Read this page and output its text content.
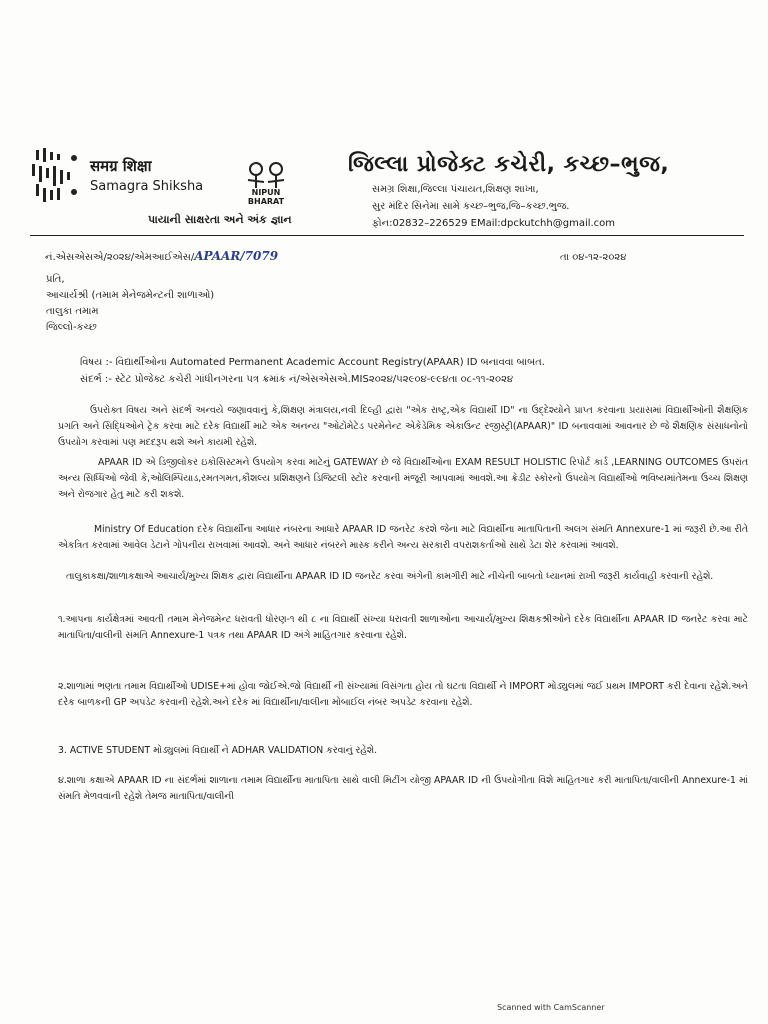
समग्र शिक्षा
Samagra Shiksha	NIPUN BHARAT
પાયાની સાક્ષરતા અને અંક જ્ઞાન
જિલ્લા પ્રોજેક્ટ કચેરી, કચ્છ–ભુજ,
સમગ્ર શિક્ષા,જિલ્લા પંચાયત,શિક્ષણ શાખા,
સુર મંદિર સિનેમા સામે કચ્છ–ભુજ,જિ–કચ્છ.ભુજ.
ફોન:02832–226529 EMail:dpckutchh@gmail.com
નં.એસએસએ/૨૦૨૪/એમઆઈએસ/APAAR/7079	તા ૦૪-૧૨-૨૦૨૪
પ્રતિ,
આચાર્યશ્રી (તમામ મેનેજમેન્ટની શાળાઓ)
તાલુકા તમામ
જિલ્લો-કચ્છ
વિષય :- વિદ્યાર્થીઓના Automated Permanent Academic Account Registry(APAAR) ID બનાવવા બાબત.
સંદર્ભ :- સ્ટેટ પ્રોજેક્ટ કચેરી ગાંધીનગરના પત્ર ક્રમાંક નં/એસએસએ.MIS૨૦૨૪/૫૨૯૦૪-૯૯૪તા ૦૮-૧૧-૨૦૨૪
ઉપરોક્ત વિષય અને સંદર્ભ અન્વયે જણાવવાનું કે,શિક્ષણ મંત્રાલય,નવી દિલ્હી દ્વારા "એક રાષ્ટ્ર,એક વિદ્યાર્થી ID" ના ઉદ્દેશ્યોને પ્રાપ્ત કરવાના પ્રયાસમાં વિદ્યાર્થીઓની શૈક્ષણિક પ્રગતિ અને સિદ્ધિઓને ટ્રેક કરવા માટે દરેક વિદ્યાર્થી માટે એક અનન્ય "ઓટોમેટેડ પરમેનેન્ટ એકેડેમિક એકાઉન્ટ રજીસ્ટ્રી(APAAR)" ID બનાવવામાં આવનાર છે જે શૈક્ષણિક સંસાધનોનો ઉપયોગ કરવામાં પણ મદદરૂપ થશે અને કાયમી રહેશે.
APAAR ID એ ડિજીલોકર ઇકોસિસ્ટમને ઉપયોગ કરવા માટેનું GATEWAY છે જે વિદ્યાર્થીઓના EXAM RESULT HOLISTIC રિપોર્ટ કાર્ડ ,LEARNING OUTCOMES ઉપરાંત અન્ય સિધ્ધિઓ જેવી કે,ઓલિમ્પિયાડ,રમતગમત,કૌશલ્ય પ્રશિક્ષણને ડિજિટલી સ્ટોર કરવાની મંજૂરી આપવામાં આવશે.આ ક્રેડીટ સ્કોરનો ઉપયોગ વિદ્યાર્થીઓ ભવિષ્યમાંતેમના ઉચ્ચ શિક્ષણ અને રોજગાર હેતુ માટે કરી શકશે.
Ministry Of Education દરેક વિદ્યાર્થીના આધાર નંબરના આધારે APAAR ID જનરેટ કરશે જેના માટે વિદ્યાર્થીના માતાપિતાની અલગ સંમતિ Annexure-1 માં જરૂરી છે.આ રીતે એકત્રિત કરવામાં આવેલ ડેટાને ગોપનીય રાખવામાં આવશે. અને આધાર નંબરને માસ્ક કરીને અન્ય સરકારી વપરાશકર્તાઓ સાથે ડેટા શેર કરવામાં આવશે.
તાલુકાકક્ષા/શાળાકક્ષાએ આચાર્ય/મુખ્ય શિક્ષક દ્વારા વિદ્યાર્થીના APAAR ID ID જનરેટ કરવા અંગેની કામગીરી માટે નીચેની બાબતો ધ્યાનમાં રાખી જરૂરી કાર્યવાહી કરવાની રહેશે.
૧.આપના કાર્યક્ષેત્રમાં આવતી તમામ મેનેજમેન્ટ ધરાવતી ધોરણ-૧ થી ૮ ના વિદ્યાર્થી સંખ્યા ધરાવતી શાળાઓના આચાર્ય/મુખ્ય શિક્ષકશ્રીઓને દરેક વિદ્યાર્થીના APAAR ID જનરેટ કરવા માટે માતાપિતા/વાલીની સંમતિ Annexure-1 પત્રક તથા APAAR ID અંગે માહિતગાર કરવાના રહેશે.
૨.શાળામાં ભણતા તમામ વિદ્યાર્થીઓ UDISE+માં હોવા જોઈએ.જો વિદ્યાર્થી ની સંખ્યામાં વિસંગતા હોય તો ઘટતા વિદ્યાર્થી ને IMPORT મોડ્યુલમાં જઈ પ્રથમ IMPORT કરી દેવાના રહેશે.અને દરેક બાળકની GP અપડેટ કરવાની રહેશે.અને દરેક માં વિદ્યાર્થીના/વાલીના મોબાઈલ નંબર અપડેટ કરવાના રહેશે.
3. ACTIVE STUDENT મોડ્યુલમાં વિદ્યાર્થી ને ADHAR VALIDATION કરવાનું રહેશે.
૪.શાળા કક્ષાએ APAAR ID ના સંદર્ભમાં શાળાના તમામ વિદ્યાર્થીના માતાપિતા સાથે વાલી મિટીંગ યોજી APAAR ID ની ઉપયોગીતા વિશે માહિતગાર કરી માતાપિતા/વાલીની Annexure-1 માં સંમતિ મેળવવાની રહેશે તેમજ માતાપિતા/વાલીની
Scanned with CamScanner
